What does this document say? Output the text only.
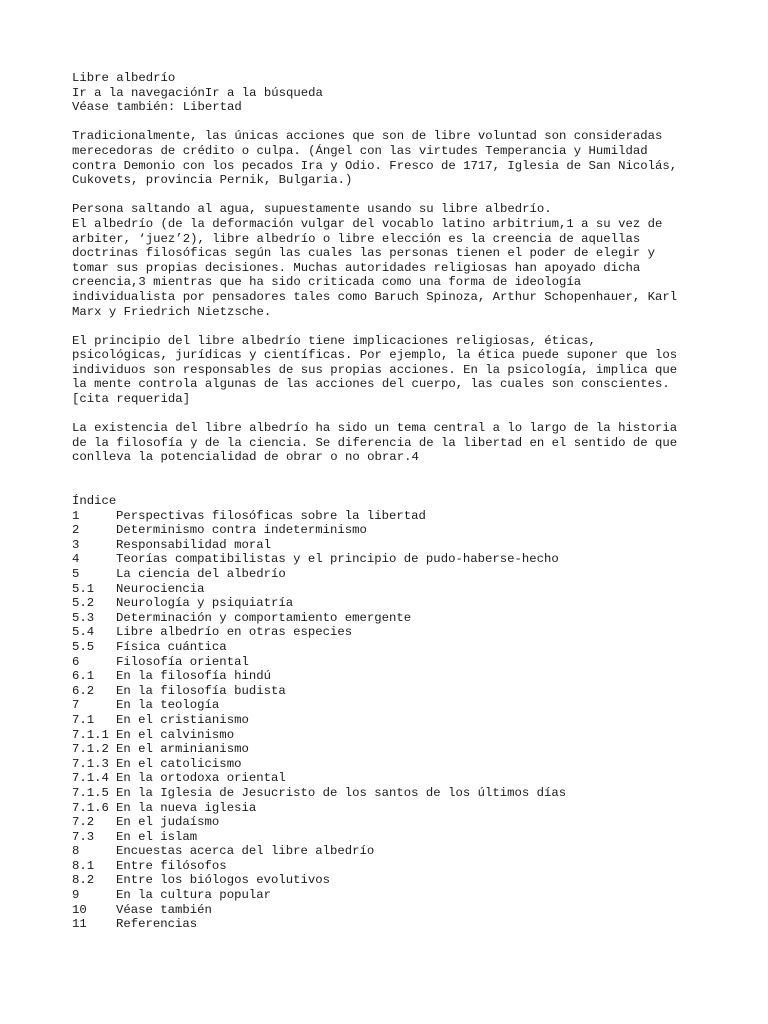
Libre albedrío
Ir a la navegaciónIr a la búsqueda
Véase también: Libertad
Tradicionalmente, las únicas acciones que son de libre voluntad son consideradas
merecedoras de crédito o culpa. (Ángel con las virtudes Temperancia y Humildad
contra Demonio con los pecados Ira y Odio. Fresco de 1717, Iglesia de San Nicolás,
Cukovets, provincia Pernik, Bulgaria.)
Persona saltando al agua, supuestamente usando su libre albedrío.
El albedrío (de la deformación vulgar del vocablo latino arbitrium,1 a su vez de
arbiter, ‘juez’2), libre albedrío o libre elección es la creencia de aquellas
doctrinas filosóficas según las cuales las personas tienen el poder de elegir y
tomar sus propias decisiones. Muchas autoridades religiosas han apoyado dicha
creencia,3 mientras que ha sido criticada como una forma de ideología
individualista por pensadores tales como Baruch Spinoza, Arthur Schopenhauer, Karl
Marx y Friedrich Nietzsche.
El principio del libre albedrío tiene implicaciones religiosas, éticas,
psicológicas, jurídicas y científicas. Por ejemplo, la ética puede suponer que los
individuos son responsables de sus propias acciones. En la psicología, implica que
la mente controla algunas de las acciones del cuerpo, las cuales son conscientes.
[cita requerida]
La existencia del libre albedrío ha sido un tema central a lo largo de la historia
de la filosofía y de la ciencia. Se diferencia de la libertad en el sentido de que
conlleva la potencialidad de obrar o no obrar.4
Índice
1	Perspectivas filosóficas sobre la libertad
2	Determinismo contra indeterminismo
3	Responsabilidad moral
4	Teorías compatibilistas y el principio de pudo-haberse-hecho
5	La ciencia del albedrío
5.1	Neurociencia
5.2	Neurología y psiquiatría
5.3	Determinación y comportamiento emergente
5.4	Libre albedrío en otras especies
5.5	Física cuántica
6	Filosofía oriental
6.1	En la filosofía hindú
6.2	En la filosofía budista
7	En la teología
7.1	En el cristianismo
7.1.1 En el calvinismo
7.1.2 En el arminianismo
7.1.3 En el catolicismo
7.1.4 En la ortodoxa oriental
7.1.5 En la Iglesia de Jesucristo de los santos de los últimos días
7.1.6 En la nueva iglesia
7.2	En el judaísmo
7.3	En el islam
8	Encuestas acerca del libre albedrío
8.1	Entre filósofos
8.2	Entre los biólogos evolutivos
9	En la cultura popular
10	Véase también
11	Referencias
